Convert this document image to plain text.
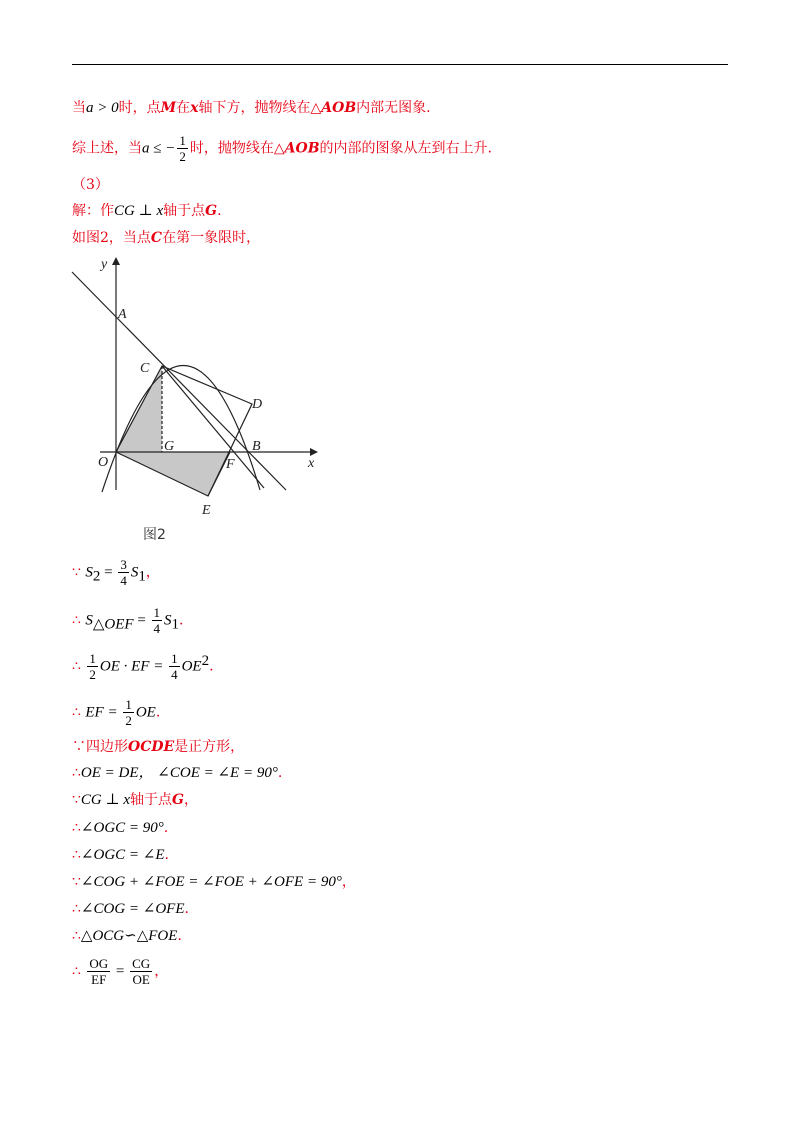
当a > 0时，点M在x轴下方，抛物线在△AOB内部无图象.
综上述，当a ≤ − $\frac{1}{2}$ 时，抛物线在△AOB的内部的图象从左到右上升.
（3）
解：作CG ⊥ x轴于点G.
如图2，当点C在第一象限时，
y
x
A
C
D
G	B
O	F
E
图2
∵ $S_2 = \frac{3}{4} S_1$，
∴ $S_{\triangle OEF} = \frac{1}{4} S_1$.
∴ $\frac{1}{2}$ OE · EF = $\frac{1}{4} OE^2$.
∴ EF = $\frac{1}{2}$ OE.
∵四边形OCDE是正方形，
∴OE = DE， ∠COE = ∠E = 90°.
∵CG ⊥ x轴于点G，
∴∠OGC = 90°.
∴∠OGC = ∠E.
∵∠COG + ∠FOE = ∠FOE + ∠OFE = 90°，
∴∠COG = ∠OFE.
∴△OCG∽△FOE.
∴ $\frac{OG}{EF} = \frac{CG}{OE}$ ，
